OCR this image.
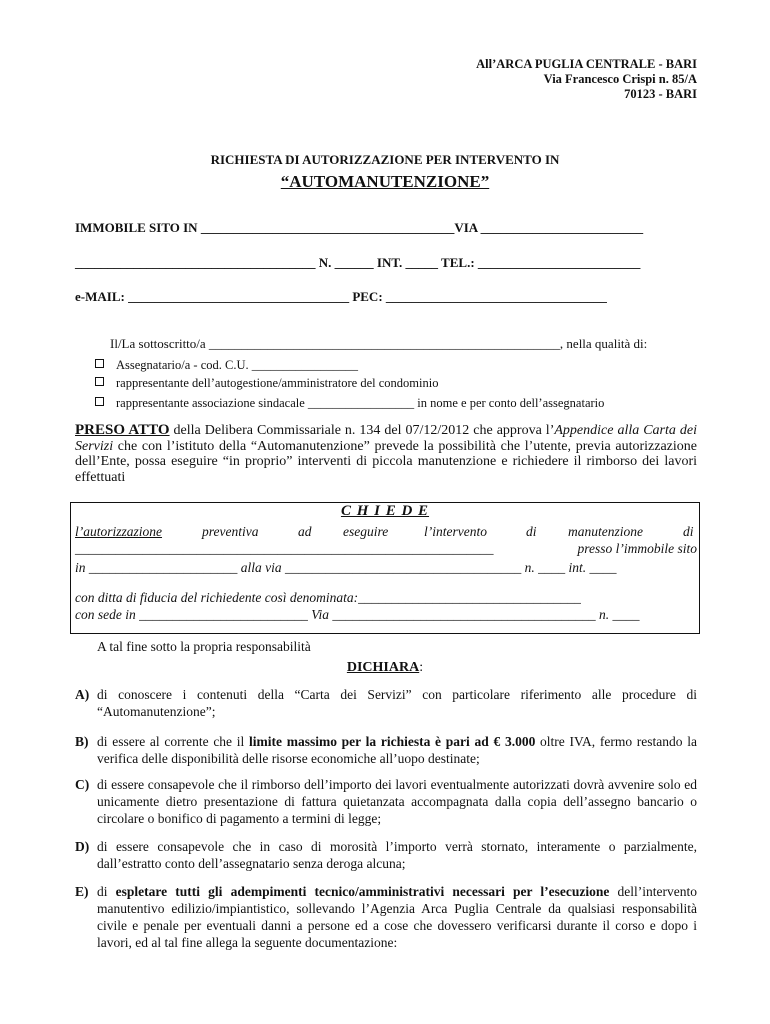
All’ARCA PUGLIA CENTRALE - BARI
Via Francesco Crispi n. 85/A
70123 - BARI
RICHIESTA DI AUTORIZZAZIONE PER INTERVENTO IN
“AUTOMANUTENZIONE”
IMMOBILE SITO IN _______________________________________VIA _________________________
_____________________________________ N. ______ INT. _____ TEL.: _________________________
e-MAIL: __________________________________ PEC: __________________________________
Il/La sottoscritto/a ______________________________________________________, nella qualità di:
Assegnatario/a - cod. C.U. _________________
rappresentante dell’autogestione/amministratore del condominio
rappresentante associazione sindacale _________________ in nome e per conto dell’assegnatario
PRESO ATTO della Delibera Commissariale n. 134 del 07/12/2012 che approva l’Appendice alla Carta dei Servizi che con l’istituto della “Automanutenzione” prevede la possibilità che l’utente, previa autorizzazione dell’Ente, possa eseguire “in proprio” interventi di piccola manutenzione e richiedere il rimborso dei lavori effettuati
C H I E D E
l’autorizzazione	preventiva	ad eseguire	l’intervento	di manutenzione	di
______________________________________________________________	presso l’immobile sito
in ______________________ alla via ___________________________________ n. ____ int. ____
con ditta di fiducia del richiedente così denominata:_________________________________
con sede in _________________________ Via _______________________________________ n. ____
A tal fine sotto la propria responsabilità
DICHIARA:
A) di conoscere i contenuti della “Carta dei Servizi” con particolare riferimento alle procedure di “Automanutenzione”;
B) di essere al corrente che il limite massimo per la richiesta è pari ad € 3.000 oltre IVA, fermo restando la verifica delle disponibilità delle risorse economiche all’uopo destinate;
C) di essere consapevole che il rimborso dell’importo dei lavori eventualmente autorizzati dovrà avvenire solo ed unicamente dietro presentazione di fattura quietanzata accompagnata dalla copia dell’assegno bancario o circolare o bonifico di pagamento a termini di legge;
D) di essere consapevole che in caso di morosità l’importo verrà stornato, interamente o parzialmente, dall’estratto conto dell’assegnatario senza deroga alcuna;
E) di espletare tutti gli adempimenti tecnico/amministrativi necessari per l’esecuzione dell’intervento manutentivo edilizio/impiantistico, sollevando l’Agenzia Arca Puglia Centrale da qualsiasi responsabilità civile e penale per eventuali danni a persone ed a cose che dovessero verificarsi durante il corso e dopo i lavori, ed al tal fine allega la seguente documentazione:
